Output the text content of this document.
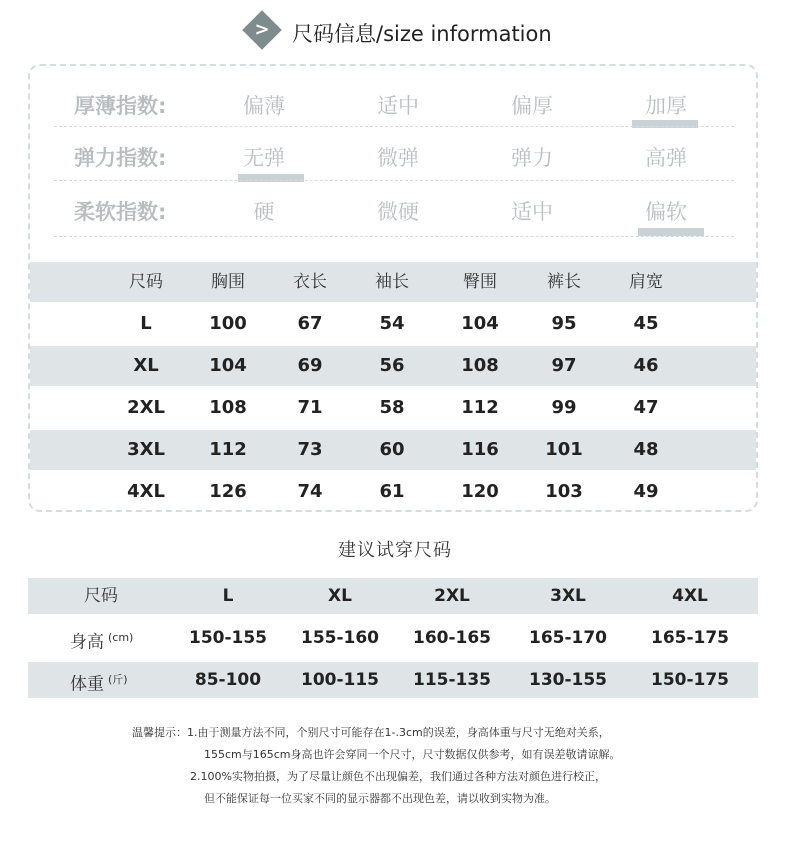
> 尺码信息/size information
厚薄指数:	偏薄	适中	偏厚	加厚
弹力指数:	无弹	微弹	弹力	高弹
柔软指数:	硬	微硬	适中	偏软
尺码	胸围	衣长	袖长	臀围	裤长	肩宽
L	100	67	54	104	95	45
XL	104	69	56	108	97	46
2XL	108	71	58	112	99	47
3XL	112	73	60	116	101	48
4XL	126	74	61	120	103	49
建议试穿尺码
尺码	L	XL	2XL	3XL	4XL
身高 $^{(cm)}$	150-155	155-160	160-165	165-170	165-175
体重 $^{(斤)}$	85-100	100-115	115-135	130-155	150-175
温馨提示：1.由于测量方法不同，个别尺寸可能存在1-.3cm的误差，身高体重与尺寸无绝对关系，
155cm与165cm身高也许会穿同一个尺寸，尺寸数据仅供参考，如有误差敬请谅解。
2.100%实物拍摄，为了尽量让颜色不出现偏差，我们通过各种方法对颜色进行校正，
但不能保证每一位买家不同的显示器都不出现色差，请以收到实物为准。
